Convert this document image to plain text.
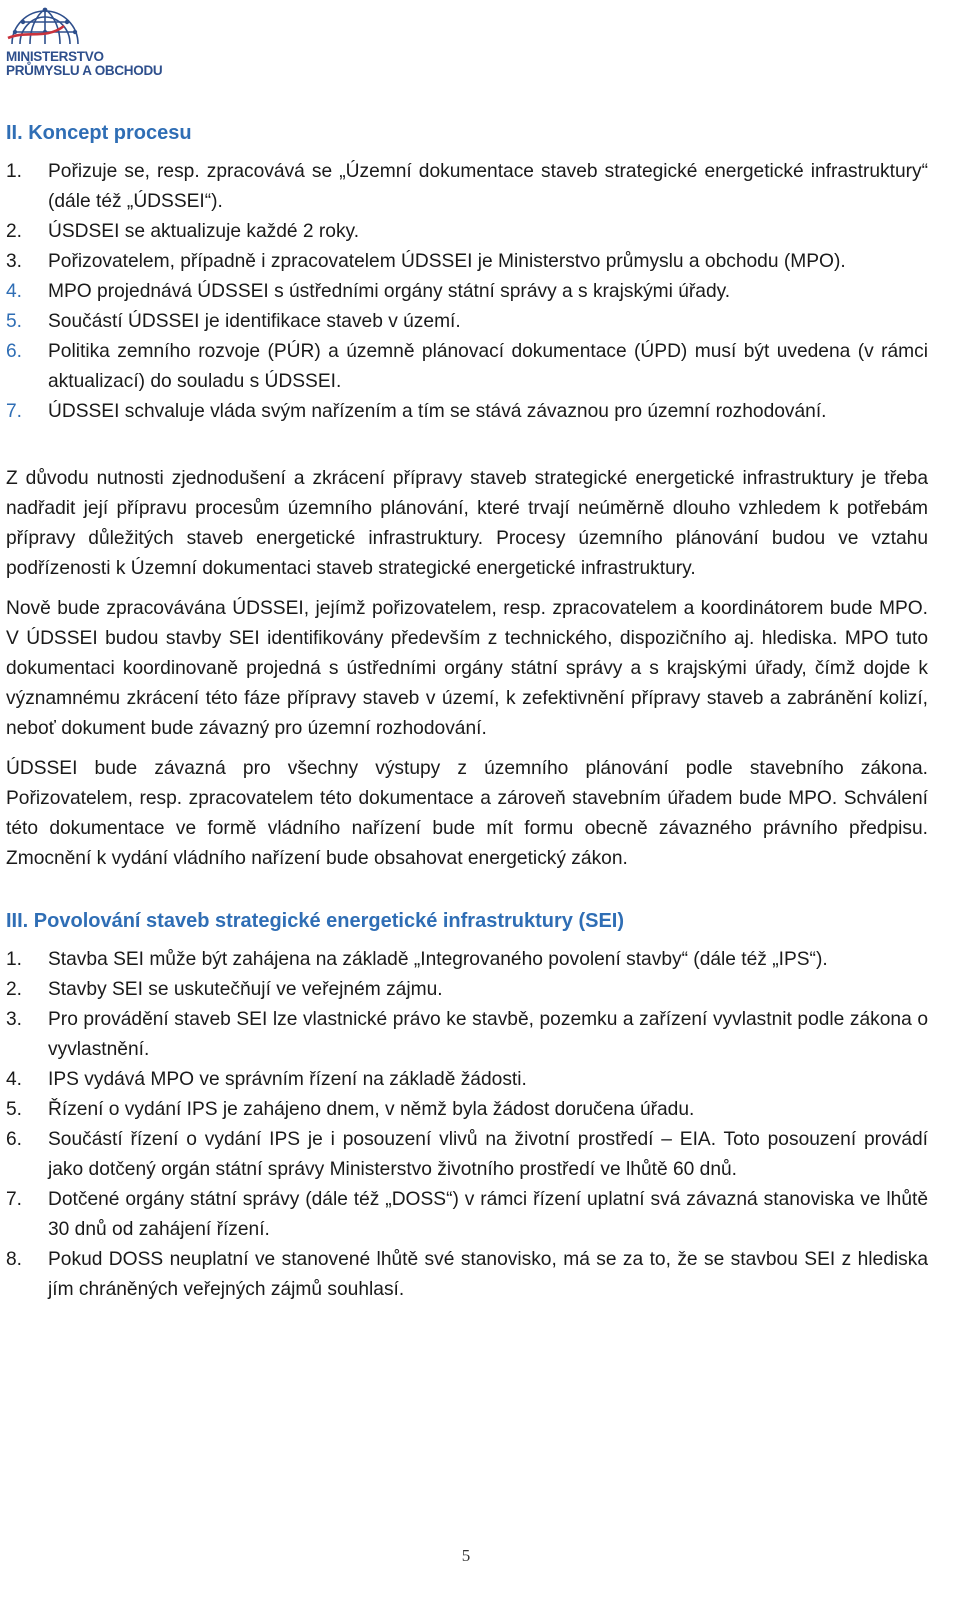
MINISTERSTVO
PRŮMYSLU A OBCHODU
II. Koncept procesu
1. Pořizuje se, resp. zpracovává se „Územní dokumentace staveb strategické energetické infrastruktury“ (dále též „ÚDSSEI“).
2. ÚSDSEI se aktualizuje každé 2 roky.
3. Pořizovatelem, případně i zpracovatelem ÚDSSEI je Ministerstvo průmyslu a obchodu (MPO).
4. MPO projednává ÚDSSEI s ústředními orgány státní správy a s krajskými úřady.
5. Součástí ÚDSSEI je identifikace staveb v území.
6. Politika zemního rozvoje (PÚR) a územně plánovací dokumentace (ÚPD) musí být uvedena (v rámci aktualizací) do souladu s ÚDSSEI.
7. ÚDSSEI schvaluje vláda svým nařízením a tím se stává závaznou pro územní rozhodování.

Z důvodu nutnosti zjednodušení a zkrácení přípravy staveb strategické energetické infrastruktury je třeba nadřadit její přípravu procesům územního plánování, které trvají neúměrně dlouho vzhledem k potřebám přípravy důležitých staveb energetické infrastruktury. Procesy územního plánování budou ve vztahu podřízenosti k Územní dokumentaci staveb strategické energetické infrastruktury.

Nově bude zpracovávána ÚDSSEI, jejímž pořizovatelem, resp. zpracovatelem a koordinátorem bude MPO. V ÚDSSEI budou stavby SEI identifikovány především z technického, dispozičního aj. hlediska. MPO tuto dokumentaci koordinovaně projedná s ústředními orgány státní správy a s krajskými úřady, čímž dojde k významnému zkrácení této fáze přípravy staveb v území, k zefektivnění přípravy staveb a zabránění kolizí, neboť dokument bude závazný pro územní rozhodování.

ÚDSSEI bude závazná pro všechny výstupy z územního plánování podle stavebního zákona. Pořizovatelem, resp. zpracovatelem této dokumentace a zároveň stavebním úřadem bude MPO. Schválení této dokumentace ve formě vládního nařízení bude mít formu obecně závazného právního předpisu. Zmocnění k vydání vládního nařízení bude obsahovat energetický zákon.

III. Povolování staveb strategické energetické infrastruktury (SEI)
1. Stavba SEI může být zahájena na základě „Integrovaného povolení stavby“ (dále též „IPS“).
2. Stavby SEI se uskutečňují ve veřejném zájmu.
3. Pro provádění staveb SEI lze vlastnické právo ke stavbě, pozemku a zařízení vyvlastnit podle zákona o vyvlastnění.
4. IPS vydává MPO ve správním řízení na základě žádosti.
5. Řízení o vydání IPS je zahájeno dnem, v němž byla žádost doručena úřadu.
6. Součástí řízení o vydání IPS je i posouzení vlivů na životní prostředí – EIA. Toto posouzení provádí jako dotčený orgán státní správy Ministerstvo životního prostředí ve lhůtě 60 dnů.
7. Dotčené orgány státní správy (dále též „DOSS“) v rámci řízení uplatní svá závazná stanoviska ve lhůtě 30 dnů od zahájení řízení.
8. Pokud DOSS neuplatní ve stanovené lhůtě své stanovisko, má se za to, že se stavbou SEI z hlediska jím chráněných veřejných zájmů souhlasí.
5
